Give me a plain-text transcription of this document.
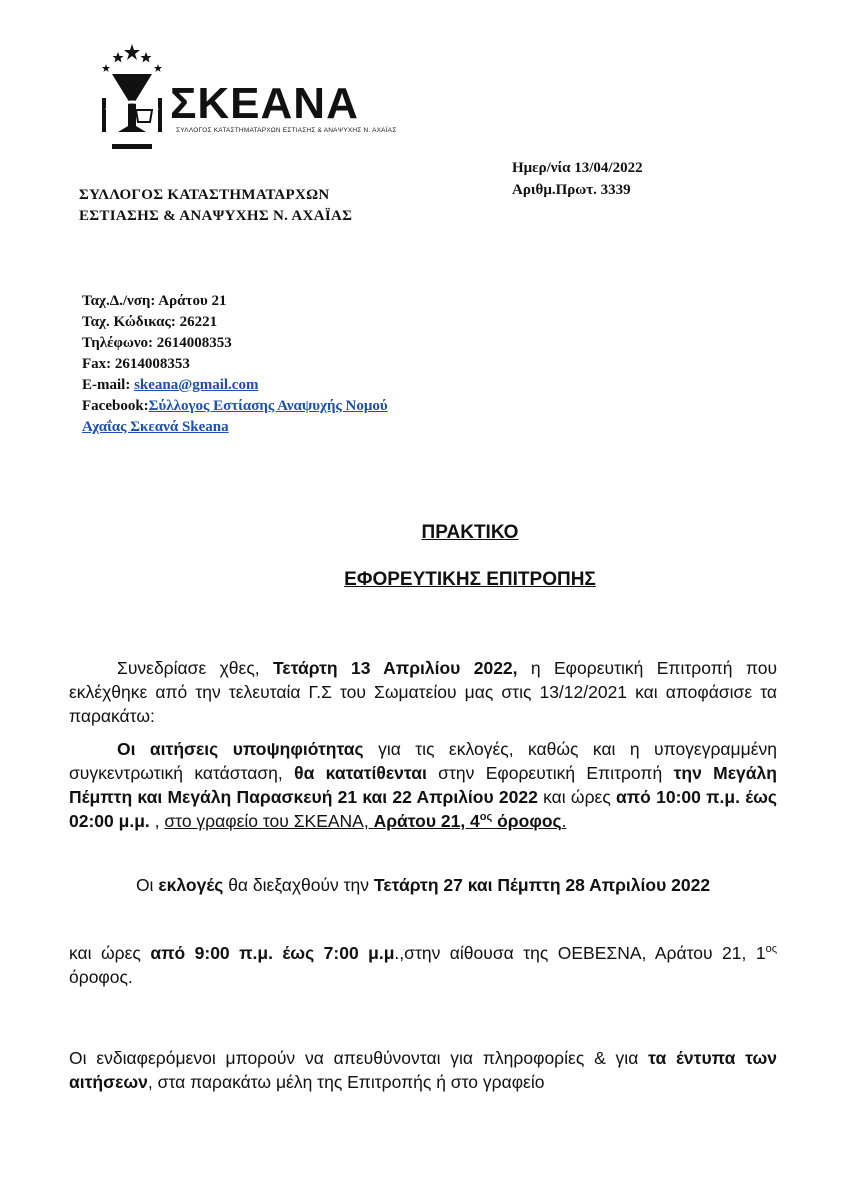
ΣΚΕΑΝΑ
ΣΥΛΛΟΓΟΣ ΚΑΤΑΣΤΗΜΑΤΑΡΧΩΝ ΕΣΤΙΑΣΗΣ & ΑΝΑΨΥΧΗΣ Ν. ΑΧΑΪΑΣ
Ημερ/νία 13/04/2022
Αριθμ.Πρωτ. 3339
ΣΥΛΛΟΓΟΣ ΚΑΤΑΣΤΗΜΑΤΑΡΧΩΝ
ΕΣΤΙΑΣΗΣ & ΑΝΑΨΥΧΗΣ Ν. ΑΧΑΪΑΣ
Ταχ.Δ./νση: Αράτου 21
Ταχ. Κώδικας: 26221
Τηλέφωνο: 2614008353
Fax: 2614008353
E-mail: skeana@gmail.com
Facebook:Σύλλογος Εστίασης Αναψυχής Νομού
Αχαΐας Σκεανά Skeana
ΠΡΑΚΤΙΚΟ
ΕΦΟΡΕΥΤΙΚΗΣ ΕΠΙΤΡΟΠΗΣ
Συνεδρίασε χθες, Τετάρτη 13 Απριλίου 2022, η Εφορευτική Επιτροπή που εκλέχθηκε από την τελευταία Γ.Σ του Σωματείου μας στις 13/12/2021 και αποφάσισε τα παρακάτω:
Οι αιτήσεις υποψηφιότητας για τις εκλογές, καθώς και η υπογεγραμμένη συγκεντρωτική κατάσταση, θα κατατίθενται στην Εφορευτική Επιτροπή την Μεγάλη Πέμπτη και Μεγάλη Παρασκευή 21 και 22 Απριλίου 2022 και ώρες από 10:00 π.μ. έως 02:00 μ.μ. , στο γραφείο του ΣΚΕΑΝΑ, Αράτου 21, $4^{o\varsigma}$ όροφος.
Οι εκλογές θα διεξαχθούν την Τετάρτη 27 και Πέμπτη 28 Απριλίου 2022
και ώρες από 9:00 π.μ. έως 7:00 μ.μ.,στην αίθουσα της ΟΕΒΕΣΝΑ, Αράτου 21, $1^{o\varsigma}$ όροφος.
Οι ενδιαφερόμενοι μπορούν να απευθύνονται για πληροφορίες & για τα έντυπα των αιτήσεων, στα παρακάτω μέλη της Επιτροπής ή στο γραφείο
